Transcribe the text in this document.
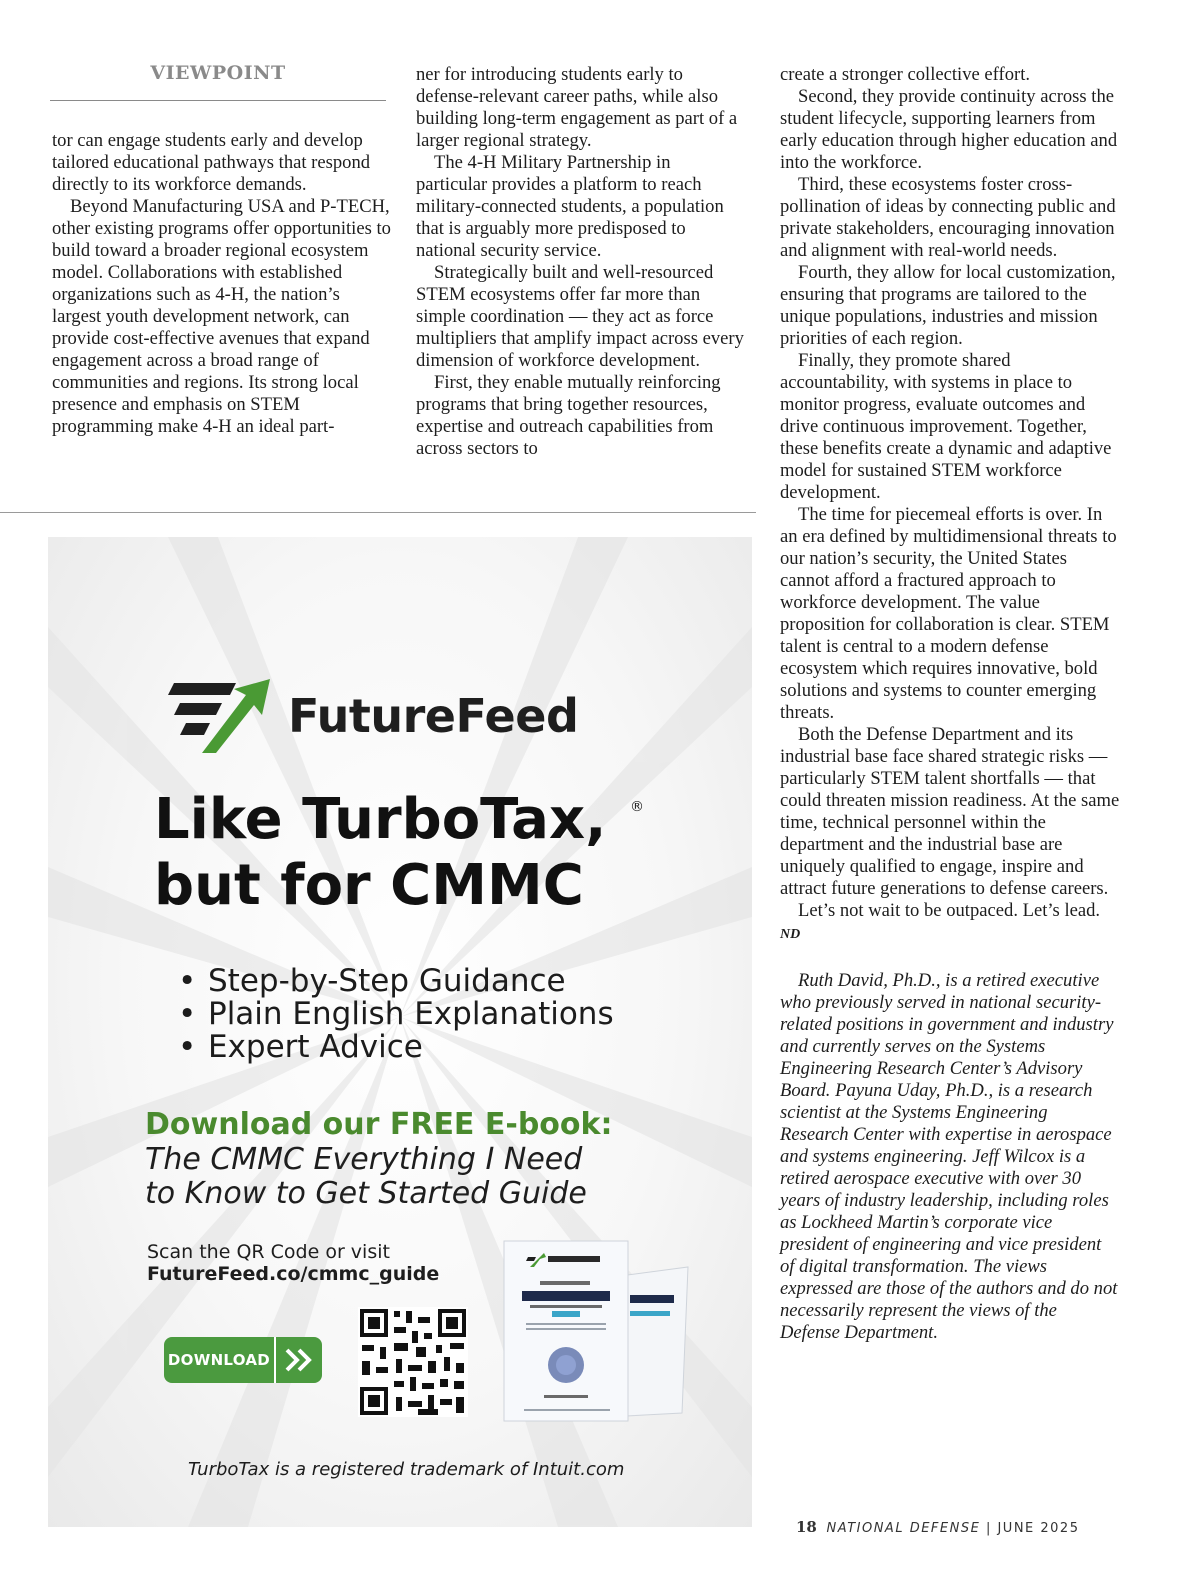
VIEWPOINT

tor can engage students early and develop tailored educational pathways that respond directly to its workforce demands.

Beyond Manufacturing USA and P-TECH, other existing programs offer opportunities to build toward a broader regional ecosystem model. Collaborations with established organizations such as 4-H, the nation’s largest youth development network, can provide cost-effective avenues that expand engagement across a broad range of communities and regions. Its strong local presence and emphasis on STEM programming make 4-H an ideal part-

ner for introducing students early to defense-relevant career paths, while also building long-term engagement as part of a larger regional strategy.

The 4-H Military Partnership in particular provides a platform to reach military-connected students, a population that is arguably more predisposed to national security service.

Strategically built and well-resourced STEM ecosystems offer far more than simple coordination — they act as force multipliers that amplify impact across every dimension of workforce development.

First, they enable mutually reinforcing programs that bring together resources, expertise and outreach capabilities from across sectors to

create a stronger collective effort.

Second, they provide continuity across the student lifecycle, supporting learners from early education through higher education and into the workforce.

Third, these ecosystems foster cross-pollination of ideas by connecting public and private stakeholders, encouraging innovation and alignment with real-world needs.

Fourth, they allow for local customization, ensuring that programs are tailored to the unique populations, industries and mission priorities of each region.

Finally, they promote shared accountability, with systems in place to monitor progress, evaluate outcomes and drive continuous improvement. Together, these benefits create a dynamic and adaptive model for sustained STEM workforce development.

The time for piecemeal efforts is over. In an era defined by multidimensional threats to our nation’s security, the United States cannot afford a fractured approach to workforce development. The value proposition for collaboration is clear. STEM talent is central to a modern defense ecosystem which requires innovative, bold solutions and systems to counter emerging threats.

Both the Defense Department and its industrial base face shared strategic risks — particularly STEM talent shortfalls — that could threaten mission readiness. At the same time, technical personnel within the department and the industrial base are uniquely qualified to engage, inspire and attract future generations to defense careers.

Let’s not wait to be outpaced. Let’s lead. ND

Ruth David, Ph.D., is a retired executive who previously served in national security-related positions in government and industry and currently serves on the Systems Engineering Research Center’s Advisory Board. Payuna Uday, Ph.D., is a research scientist at the Systems Engineering Research Center with expertise in aerospace and systems engineering. Jeff Wilcox is a retired aerospace executive with over 30 years of industry leadership, including roles as Lockheed Martin’s corporate vice president of engineering and vice president of digital transformation. The views expressed are those of the authors and do not necessarily represent the views of the Defense Department.

FutureFeed
Like TurboTax,
but for CMMC
®
• Step-by-Step Guidance
• Plain English Explanations
• Expert Advice
Download our FREE E-book:
The CMMC Everything I Need
to Know to Get Started Guide
Scan the QR Code or visit
FutureFeed.co/cmmc_guide
DOWNLOAD
TurboTax is a registered trademark of Intuit.com
18 NATIONAL DEFENSE | JUNE 2025
